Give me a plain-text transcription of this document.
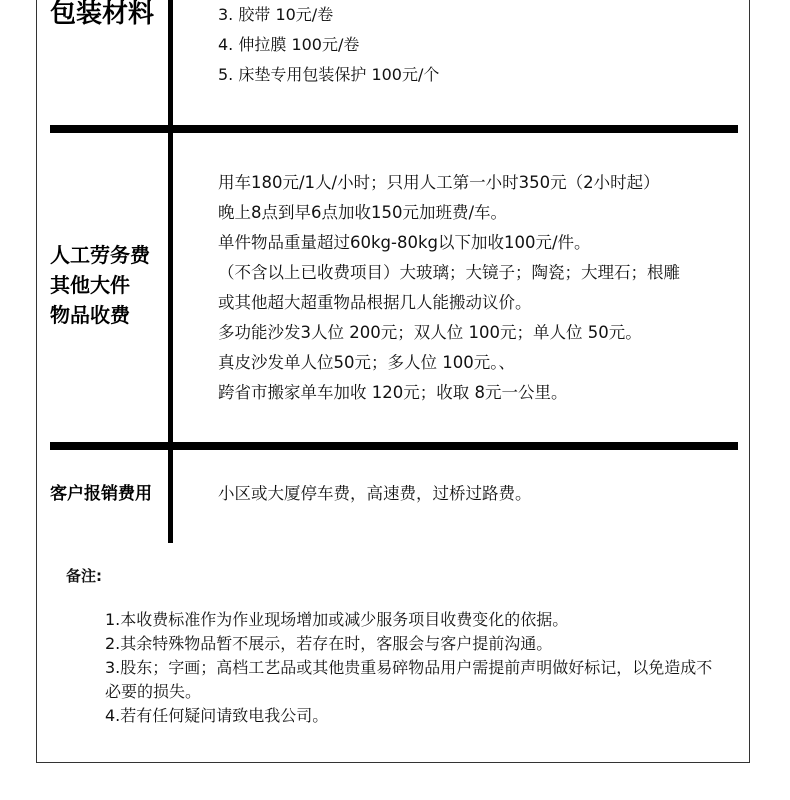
包装材料	3. 胶带 10元/卷
4. 伸拉膜 100元/卷
5. 床垫专用包装保护 100元/个
人工劳务费
其他大件
物品收费
用车180元/1人/小时；只用人工第一小时350元（2小时起）
晚上8点到早6点加收150元加班费/车。
单件物品重量超过60kg-80kg以下加收100元/件。
（不含以上已收费项目）大玻璃；大镜子；陶瓷；大理石；根雕
或其他超大超重物品根据几人能搬动议价。
多功能沙发3人位 200元；双人位 100元；单人位 50元。
真皮沙发单人位50元；多人位 100元。、
跨省市搬家单车加收 120元；收取 8元一公里。
客户报销费用	小区或大厦停车费，高速费，过桥过路费。
备注:
1.本收费标准作为作业现场增加或减少服务项目收费变化的依据。
2.其余特殊物品暂不展示，若存在时，客服会与客户提前沟通。
3.股东；字画；高档工艺品或其他贵重易碎物品用户需提前声明做好标记，以免造成不必要的损失。
4.若有任何疑问请致电我公司。
